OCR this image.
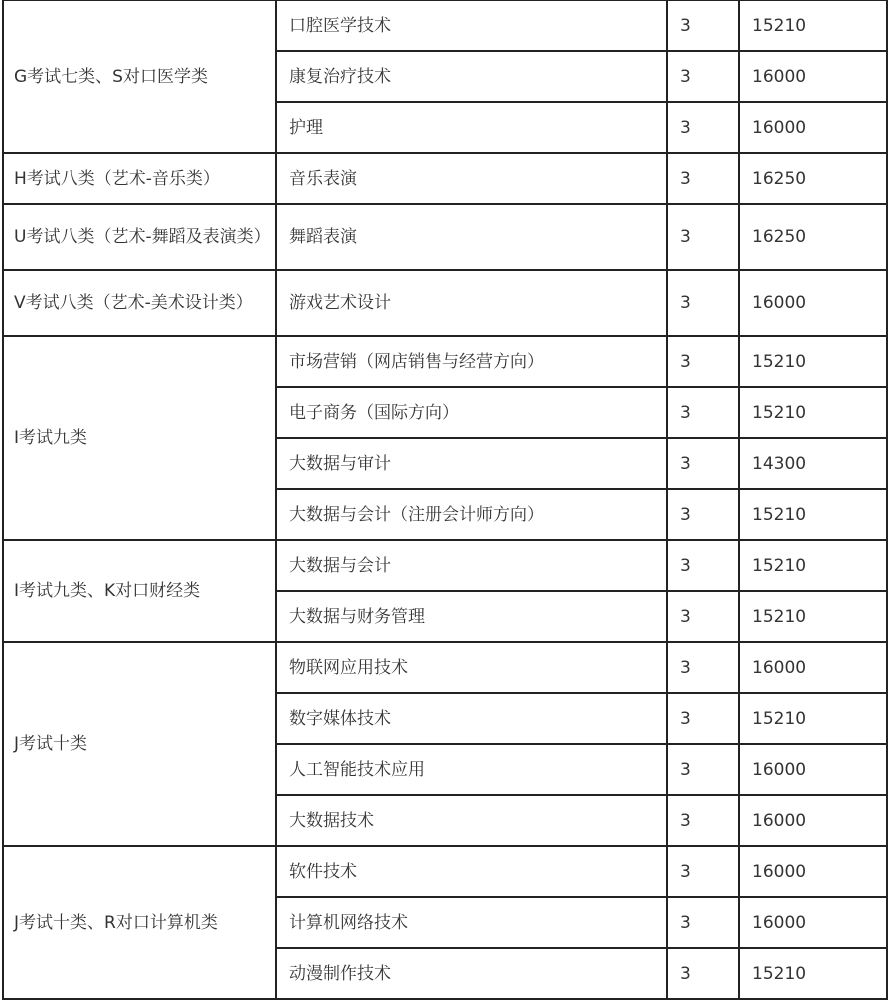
G考试七类、S对口医学类	口腔医学技术	3	15210
	康复治疗技术	3	16000
	护理	3	16000
H考试八类（艺术-音乐类）	音乐表演	3	16250
U考试八类（艺术-舞蹈及表演类）	舞蹈表演	3	16250
V考试八类（艺术-美术设计类）	游戏艺术设计	3	16000
I考试九类	市场营销（网店销售与经营方向）	3	15210
	电子商务（国际方向）	3	15210
	大数据与审计	3	14300
	大数据与会计（注册会计师方向）	3	15210
I考试九类、K对口财经类	大数据与会计	3	15210
	大数据与财务管理	3	15210
J考试十类	物联网应用技术	3	16000
	数字媒体技术	3	15210
	人工智能技术应用	3	16000
	大数据技术	3	16000
J考试十类、R对口计算机类	软件技术	3	16000
	计算机网络技术	3	16000
	动漫制作技术	3	15210
